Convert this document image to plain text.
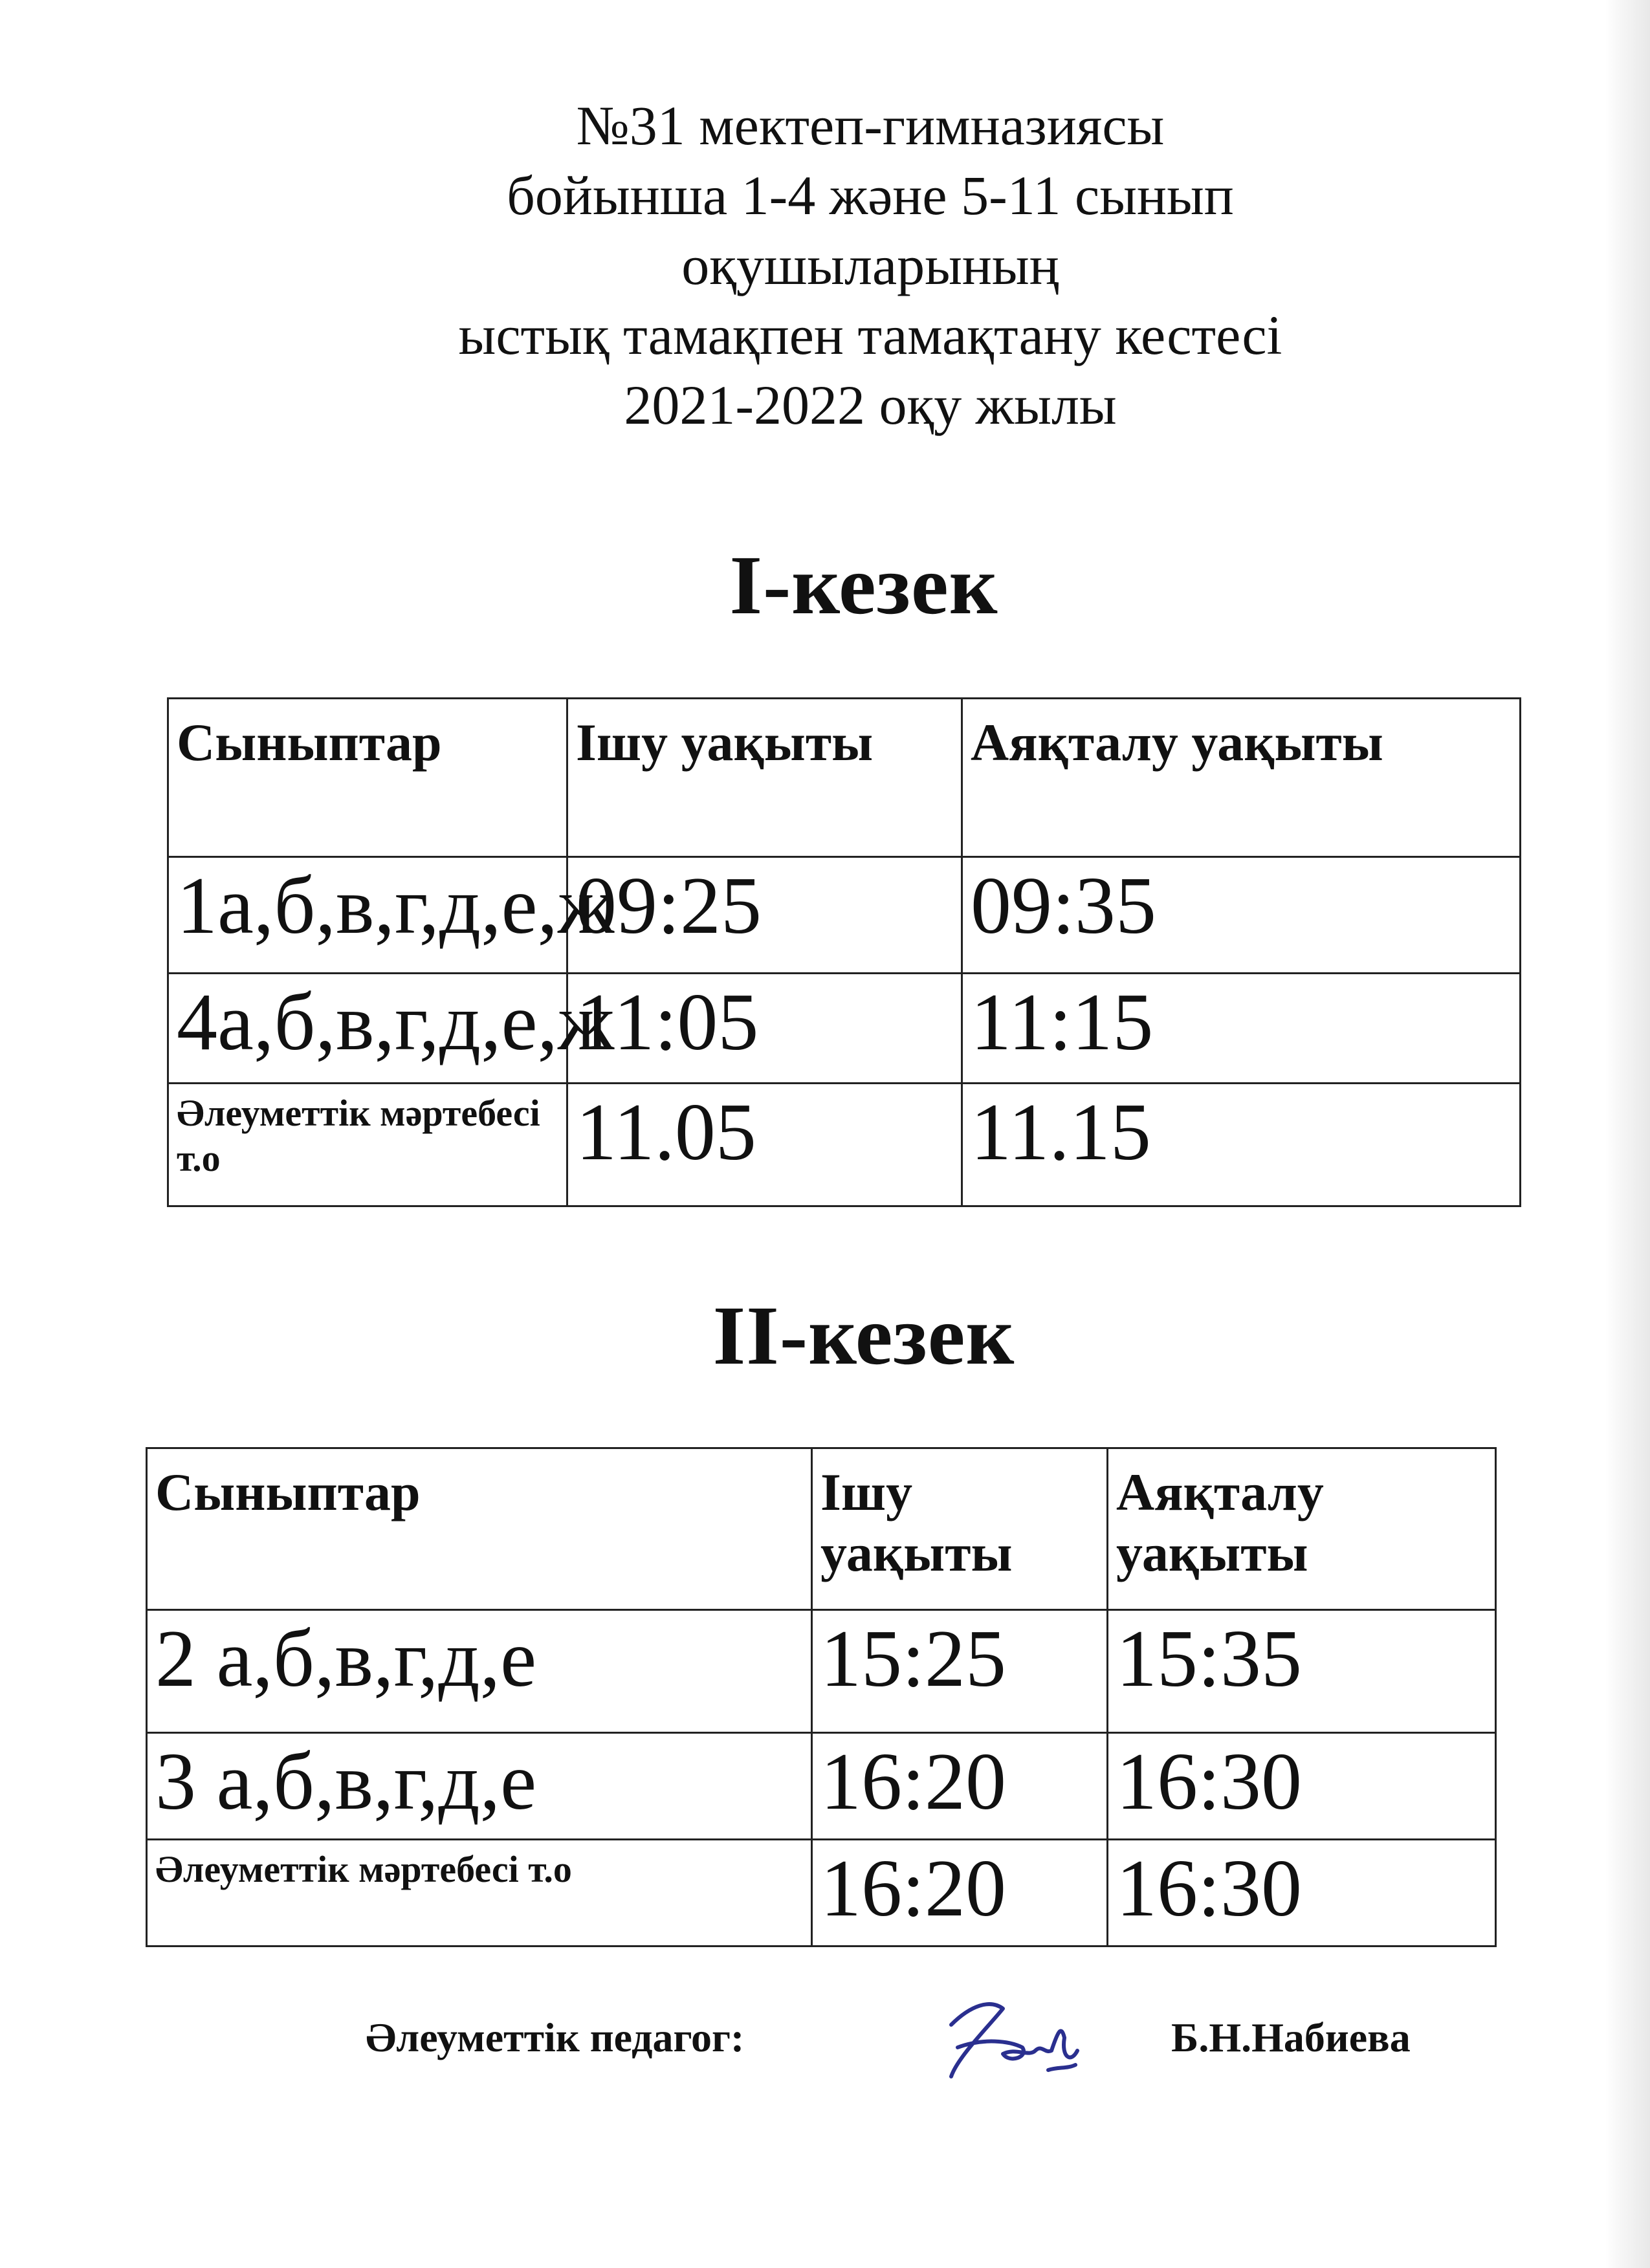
№31 мектеп-гимназиясы
бойынша 1-4 және 5-11 сынып
оқушыларының
ыстық тамақпен тамақтану кестесі
2021-2022 оқу жылы
І-кезек
Сыныптар	Ішу уақыты	Аяқталу уақыты
1а,б,в,г,д,е,ж	09:25	09:35
4а,б,в,г,д,е,ж	11:05	11:15
Әлеуметтік мәртебесі т.о	11.05	11.15
ІІ-кезек
Сыныптар	Ішу уақыты	Аяқталу уақыты
2 а,б,в,г,д,е	15:25	15:35
3 а,б,в,г,д,е	16:20	16:30
Әлеуметтік мәртебесі т.о	16:20	16:30
Әлеуметтік педагог:	Б.Н.Набиева
